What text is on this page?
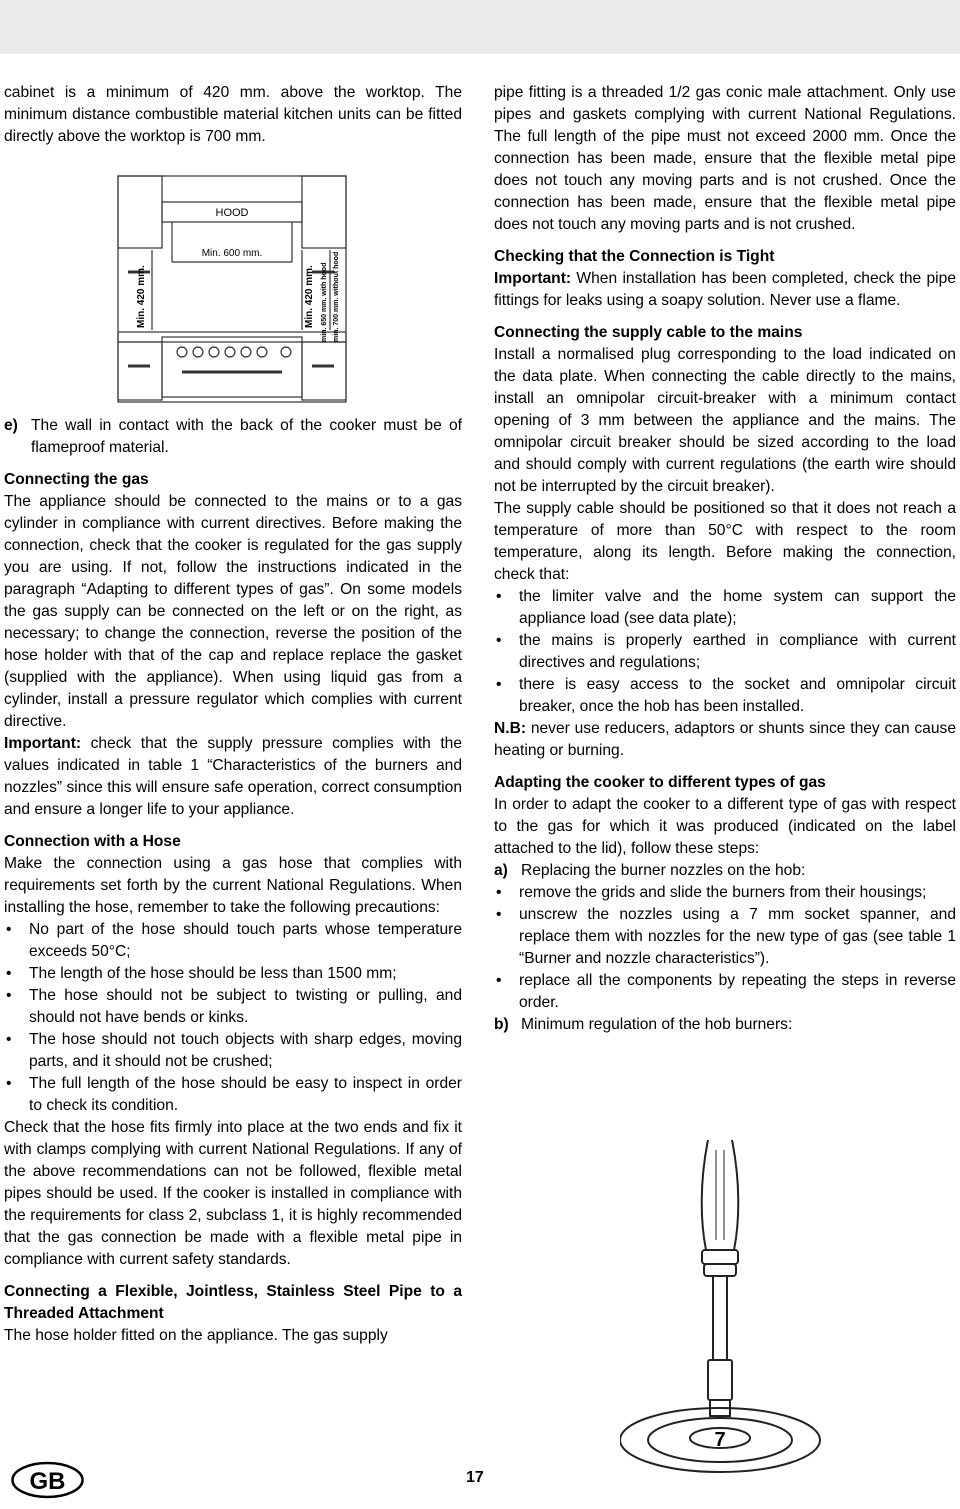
cabinet is a minimum of 420 mm. above the worktop. The minimum distance combustible material kitchen units can be fitted directly above the worktop is 700 mm.

HOOD
Min. 600 mm.
Min. 420 mm.	Min. 420 mm. min. 650 mm. with hood min. 700 mm. without hood

e) The wall in contact with the back of the cooker must be of flameproof material.

Connecting the gas

The appliance should be connected to the mains or to a gas cylinder in compliance with current directives. Before making the connection, check that the cooker is regulated for the gas supply you are using. If not, follow the instructions indicated in the paragraph “Adapting to different types of gas”. On some models the gas supply can be connected on the left or on the right, as necessary; to change the connection, reverse the position of the hose holder with that of the cap and replace replace the gasket (supplied with the appliance). When using liquid gas from a cylinder, install a pressure regulator which complies with current directive.

Important: check that the supply pressure complies with the values indicated in table 1 “Characteristics of the burners and nozzles” since this will ensure safe operation, correct consumption and ensure a longer life to your appliance.

Connection with a Hose

Make the connection using a gas hose that complies with requirements set forth by the current National Regulations. When installing the hose, remember to take the following precautions:

• No part of the hose should touch parts whose temperature exceeds 50°C;

• The length of the hose should be less than 1500 mm;

• The hose should not be subject to twisting or pulling, and should not have bends or kinks.

• The hose should not touch objects with sharp edges, moving parts, and it should not be crushed;

• The full length of the hose should be easy to inspect in order to check its condition.

Check that the hose fits firmly into place at the two ends and fix it with clamps complying with current National Regulations. If any of the above recommendations can not be followed, flexible metal pipes should be used. If the cooker is installed in compliance with the requirements for class 2, subclass 1, it is highly recommended that the gas connection be made with a flexible metal pipe in compliance with current safety standards.

Connecting a Flexible, Jointless, Stainless Steel Pipe to a Threaded Attachment

The hose holder fitted on the appliance. The gas supply

pipe fitting is a threaded 1/2 gas conic male attachment. Only use pipes and gaskets complying with current National Regulations. The full length of the pipe must not exceed 2000 mm. Once the connection has been made, ensure that the flexible metal pipe does not touch any moving parts and is not crushed. Once the connection has been made, ensure that the flexible metal pipe does not touch any moving parts and is not crushed.

Checking that the Connection is Tight

Important: When installation has been completed, check the pipe fittings for leaks using a soapy solution. Never use a flame.

Connecting the supply cable to the mains

Install a normalised plug corresponding to the load indicated on the data plate. When connecting the cable directly to the mains, install an omnipolar circuit-breaker with a minimum contact opening of 3 mm between the appliance and the mains. The omnipolar circuit breaker should be sized according to the load and should comply with current regulations (the earth wire should not be interrupted by the circuit breaker).

The supply cable should be positioned so that it does not reach a temperature of more than 50°C with respect to the room temperature, along its length. Before making the connection, check that:

• the limiter valve and the home system can support the appliance load (see data plate);

• the mains is properly earthed in compliance with current directives and regulations;

• there is easy access to the socket and omnipolar circuit breaker, once the hob has been installed.

N.B: never use reducers, adaptors or shunts since they can cause heating or burning.

Adapting the cooker to different types of gas

In order to adapt the cooker to a different type of gas with respect to the gas for which it was produced (indicated on the label attached to the lid), follow these steps:

a) Replacing the burner nozzles on the hob:

• remove the grids and slide the burners from their housings;

• unscrew the nozzles using a 7 mm socket spanner, and replace them with nozzles for the new type of gas (see table 1 “Burner and nozzle characteristics”).

• replace all the components by repeating the steps in reverse order.

b) Minimum regulation of the hob burners:

7
GB	17
